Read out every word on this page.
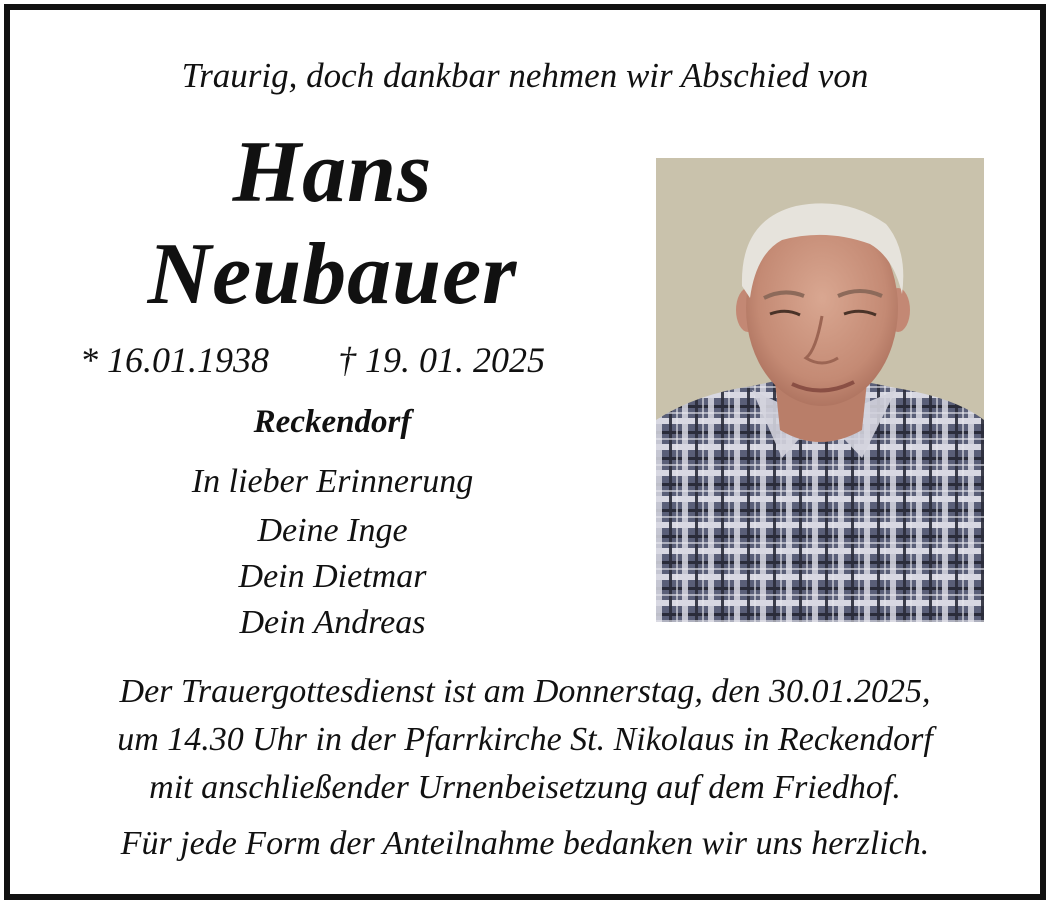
Traurig, doch dankbar nehmen wir Abschied von
Hans
Neubauer
* 16.01.1938 † 19. 01. 2025
Reckendorf
In lieber Erinnerung
Deine Inge
Dein Dietmar
Dein Andreas
Der Trauergottesdienst ist am Donnerstag, den 30.01.2025,
um 14.30 Uhr in der Pfarrkirche St. Nikolaus in Reckendorf
mit anschließender Urnenbeisetzung auf dem Friedhof.
Für jede Form der Anteilnahme bedanken wir uns herzlich.
